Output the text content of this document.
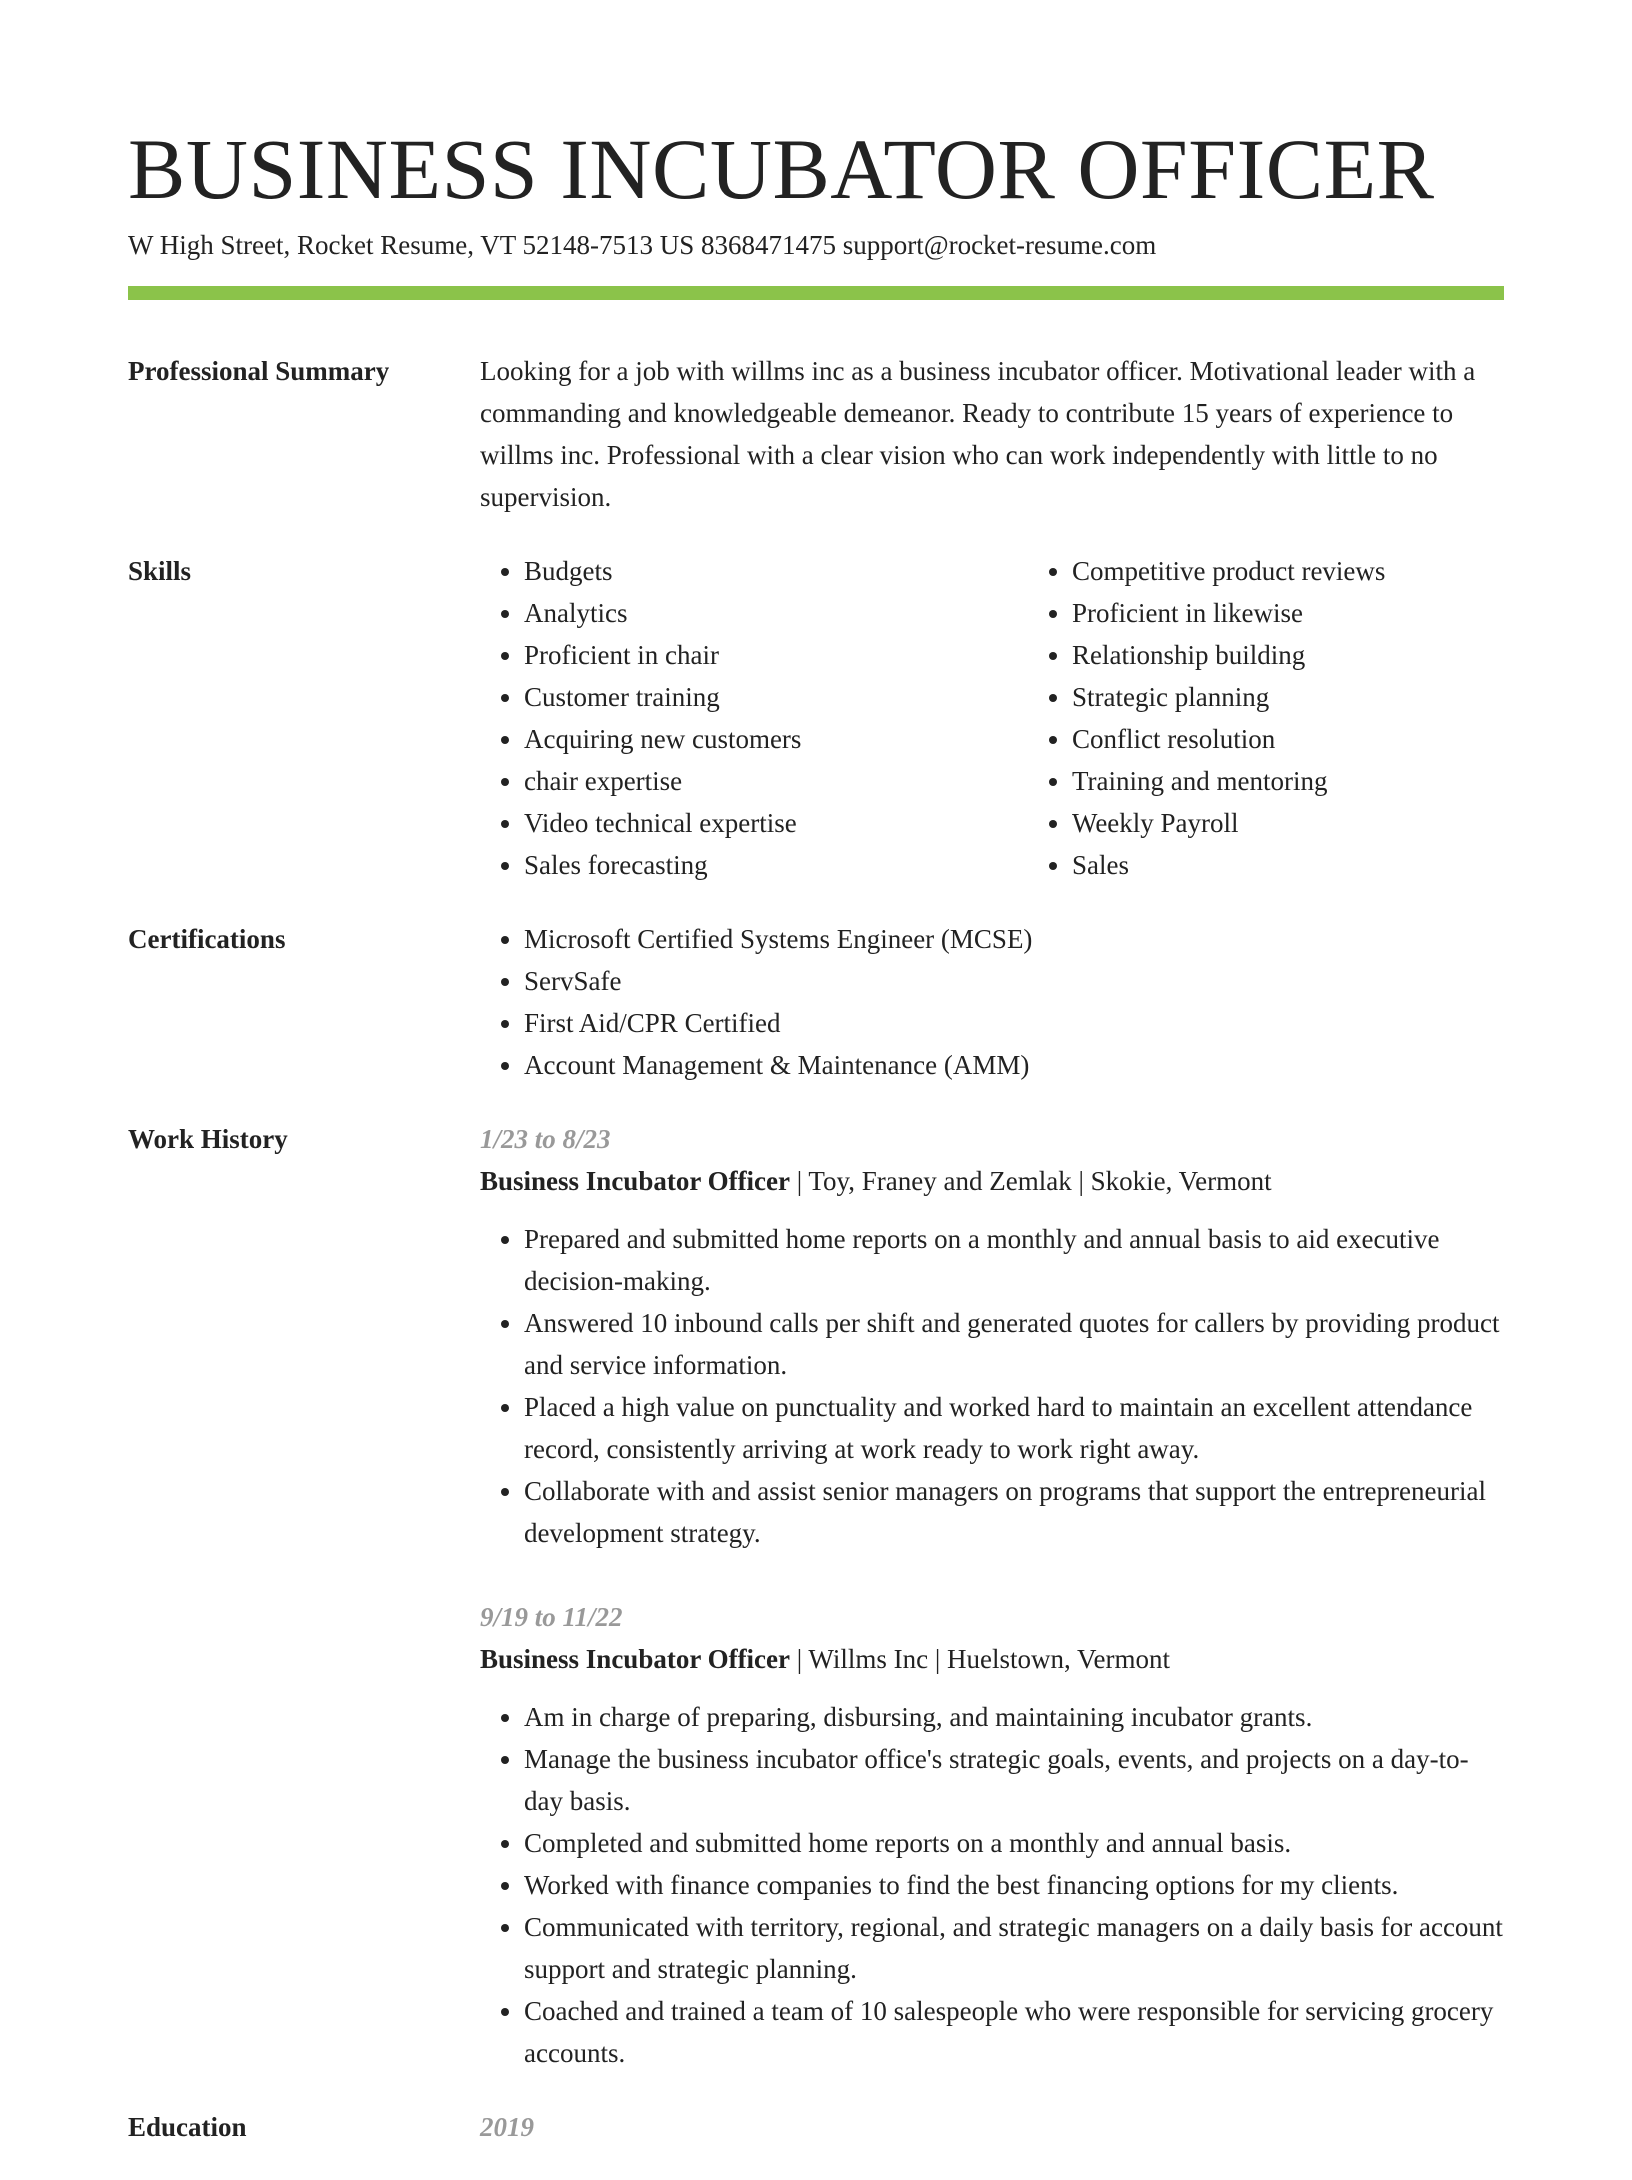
BUSINESS INCUBATOR OFFICER
W High Street, Rocket Resume, VT 52148-7513 US 8368471475 support@rocket-resume.com
Professional Summary	Looking for a job with willms inc as a business incubator officer. Motivational leader with a commanding and knowledgeable demeanor. Ready to contribute 15 years of experience to willms inc. Professional with a clear vision who can work independently with little to no supervision.

Skills	• Budgets
• Analytics
• Proficient in chair
• Customer training
• Acquiring new customers
• chair expertise
• Video technical expertise
• Sales forecasting
• Competitive product reviews
• Proficient in likewise
• Relationship building
• Strategic planning
• Conflict resolution
• Training and mentoring
• Weekly Payroll
• Sales
Certifications	• Microsoft Certified Systems Engineer (MCSE)
• ServSafe
• First Aid/CPR Certified
• Account Management & Maintenance (AMM)
Work History	1/23 to 8/23
Business Incubator Officer | Toy, Franey and Zemlak | Skokie, Vermont
• Prepared and submitted home reports on a monthly and annual basis to aid executive decision-making.
• Answered 10 inbound calls per shift and generated quotes for callers by providing product and service information.
• Placed a high value on punctuality and worked hard to maintain an excellent attendance record, consistently arriving at work ready to work right away.
• Collaborate with and assist senior managers on programs that support the entrepreneurial development strategy.
9/19 to 11/22
Business Incubator Officer | Willms Inc | Huelstown, Vermont
• Am in charge of preparing, disbursing, and maintaining incubator grants.
• Manage the business incubator office's strategic goals, events, and projects on a day-to-day basis.
• Completed and submitted home reports on a monthly and annual basis.
• Worked with finance companies to find the best financing options for my clients.
• Communicated with territory, regional, and strategic managers on a daily basis for account support and strategic planning.
• Coached and trained a team of 10 salespeople who were responsible for servicing grocery accounts.
Education	2019
